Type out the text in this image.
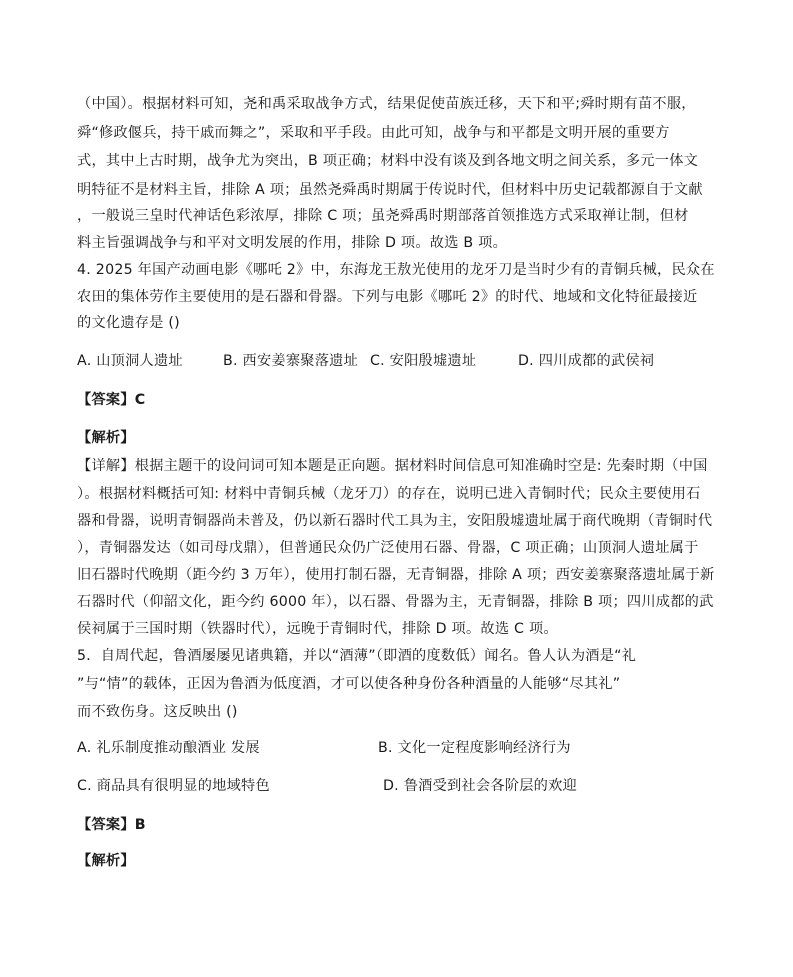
（中国）。根据材料可知，尧和禹采取战争方式，结果促使苗族迁移，天下和平;舜时期有苗不服，
舜“修政偃兵，持干戚而舞之”，采取和平手段。由此可知，战争与和平都是文明开展的重要方
式，其中上古时期，战争尤为突出，B 项正确；材料中没有谈及到各地文明之间关系，多元一体文
明特征不是材料主旨，排除 A 项；虽然尧舜禹时期属于传说时代，但材料中历史记载都源自于文献
，一般说三皇时代神话色彩浓厚，排除 C 项；虽尧舜禹时期部落首领推选方式采取禅让制，但材
料主旨强调战争与和平对文明发展的作用，排除 D 项。故选 B 项。
4. 2025 年国产动画电影《哪吒 2》中，东海龙王敖光使用的龙牙刀是当时少有的青铜兵械，民众在
农田的集体劳作主要使用的是石器和骨器。下列与电影《哪吒 2》的时代、地域和文化特征最接近
的文化遗存是 ()
A. 山顶洞人遗址	B. 西安姜寨聚落遗址 C. 安阳殷墟遗址	D. 四川成都的武侯祠
【答案】C
【解析】
【详解】根据主题干的设问词可知本题是正向题。据材料时间信息可知准确时空是: 先秦时期（中国
）。根据材料概括可知: 材料中青铜兵械（龙牙刀）的存在，说明已进入青铜时代；民众主要使用石
器和骨器，说明青铜器尚未普及，仍以新石器时代工具为主，安阳殷墟遗址属于商代晚期（青铜时代
），青铜器发达（如司母戊鼎），但普通民众仍广泛使用石器、骨器，C 项正确；山顶洞人遗址属于
旧石器时代晚期（距今约 3 万年），使用打制石器，无青铜器，排除 A 项；西安姜寨聚落遗址属于新
石器时代（仰韶文化，距今约 6000 年），以石器、骨器为主，无青铜器，排除 B 项；四川成都的武
侯祠属于三国时期（铁器时代），远晚于青铜时代，排除 D 项。故选 C 项。
5．自周代起，鲁酒屡屡见诸典籍，并以“酒薄”（即酒的度数低）闻名。鲁人认为酒是“礼
”与“情”的载体，正因为鲁酒为低度酒，才可以使各种身份各种酒量的人能够“尽其礼”
而不致伤身。这反映出 ()
A. 礼乐制度推动酿酒业 发展	B. 文化一定程度影响经济行为
C. 商品具有很明显的地域特色	D. 鲁酒受到社会各阶层的欢迎
【答案】B
【解析】
